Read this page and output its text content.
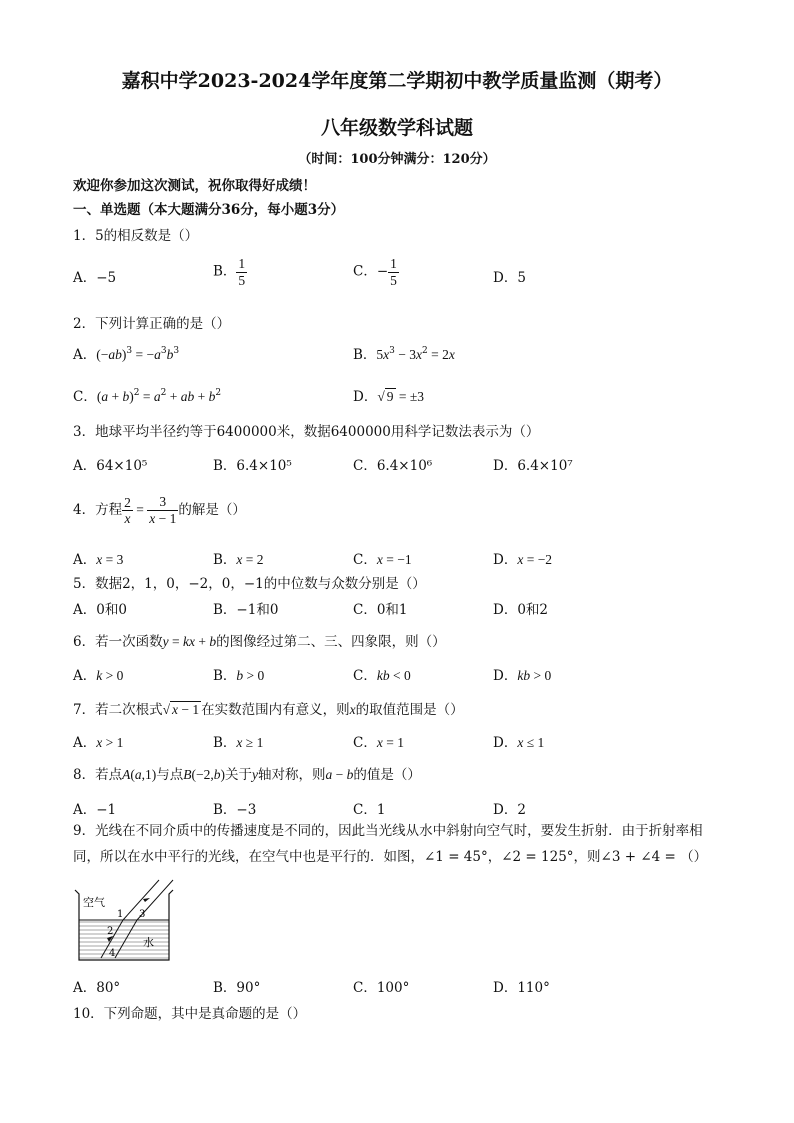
嘉积中学2023-2024学年度第二学期初中教学质量监测（期考）
八年级数学科试题
（时间：100分钟满分：120分）
欢迎你参加这次测试，祝你取得好成绩！
一、单选题（本大题满分36分，每小题3分）
1．5的相反数是（）
A．−5	B． $\frac{1}{5}$	C．− $\frac{1}{5}$	D．5
2．下列计算正确的是（）
A．$(-ab)^3 = -a^3b^3$	B．$5x^3 - 3x^2 = 2x$
C．$(a + b)^2 = a^2$ + ab + $b^2$	D．√ 9 = ±3
3．地球平均半径约等于6400000米，数据6400000用科学记数法表示为（）
A．64×10⁵	B．6.4×10⁵	C．6.4×10⁶	D．6.4×10⁷
4．方程 $\frac{2}{x} = \frac{3}{x - 1}$ 的解是（）
A．x = 3	B．x = 2	C．x = −1	D．x = −2
5．数据2，1，0，−2，0，−1的中位数与众数分别是（）
A．0和0	B．−1和0	C．0和1	D．0和2
6．若一次函数y = kx + b的图像经过第二、三、四象限，则（）
A．k > 0	B．b > 0	C．kb < 0	D．kb > 0
7．若二次根式√ x − 1 在实数范围内有意义，则x的取值范围是（）
A．x > 1	B．x ≥ 1	C．x = 1	D．x ≤ 1
8．若点A(a,1)与点B(−2,b)关于y轴对称，则a − b的值是（）
A．−1	B．−3	C．1	D．2
9．光线在不同介质中的传播速度是不同的，因此当光线从水中斜射向空气时，要发生折射．由于折射率相
同，所以在水中平行的光线，在空气中也是平行的．如图，∠1 = 45°，∠2 = 125°，则∠3 + ∠4 = （）
空气
水
1 3
2
4
A．80°	B．90°	C．100°	D．110°
10．下列命题，其中是真命题的是（）
